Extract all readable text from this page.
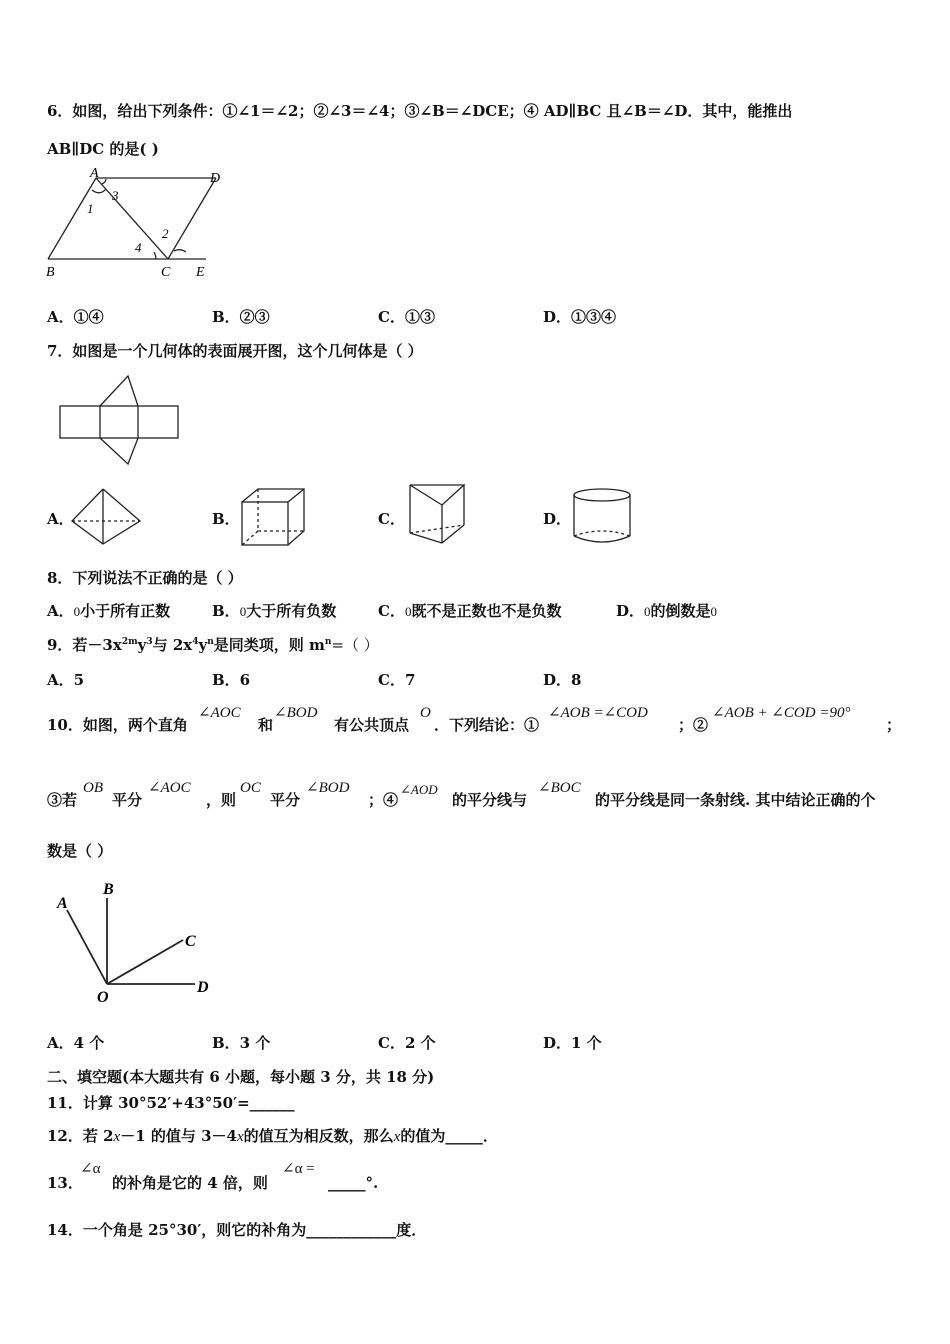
6．如图，给出下列条件：①∠1＝∠2；②∠3＝∠4；③∠B＝∠DCE；④ AD∥BC 且∠B＝∠D．其中，能推出
AB∥DC 的是( )
A	D
B	C E
1
3
4
2
A．①④	B．②③	C．①③	D．①③④
7．如图是一个几何体的表面展开图，这个几何体是（ ）
A．	B．	C．	D．
8．下列说法不正确的是（ ）
A．0小于所有正数	B．0大于所有负数	C．0既不是正数也不是负数	D．0的倒数是0
9．若$-3x^{2m}y^3$与 $2x^4y^n$是同类项，则 $m^n=$（ ）
A．5	B．6	C．7	D．8
10．如图，两个直角
∠AOC
和
∠BOD
有公共顶点
O
．下列结论：①
∠AOB =∠COD
；②
∠AOB + ∠COD =90°
；
③若
OB
平分
∠AOC
，则
OC
平分
∠BOD
；④
∠AOD
的平分线与
∠BOC
的平分线是同一条射线. 其中结论正确的个
数是（ ）
A
B
C
D
O
A．4 个	B．3 个	C．2 个	D．1 个
二、填空题(本大题共有 6 小题，每小题 3 分，共 18 分)
11．计算 30°52′+43°50′=______
12．若 2x－1 的值与 3－4x的值互为相反数，那么x的值为_____．
13．
∠α
的补角是它的 4 倍，则
∠α =
_____°.
14．一个角是 25°30′，则它的补角为____________度．
